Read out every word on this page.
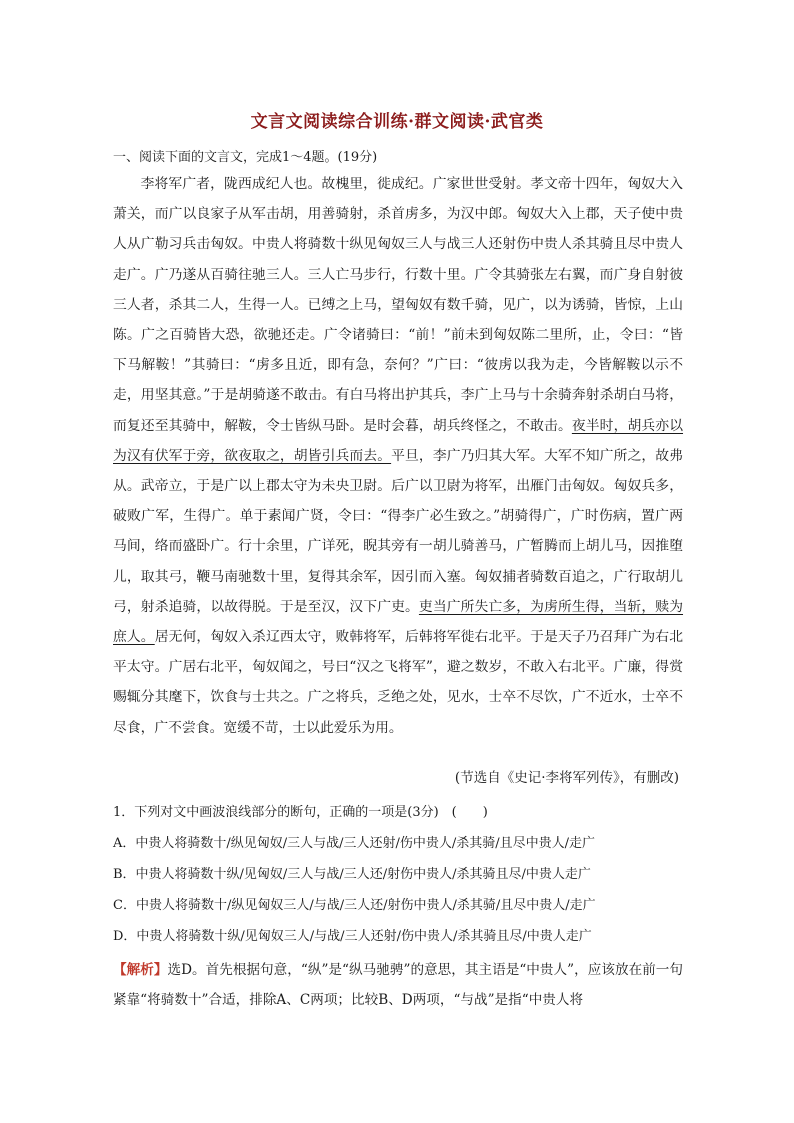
文言文阅读综合训练·群文阅读·武官类
一、阅读下面的文言文，完成1～4题。(19分)

李将军广者，陇西成纪人也。故槐里，徙成纪。广家世世受射。孝文帝十四年，匈奴大入萧关，而广以良家子从军击胡，用善骑射，杀首虏多，为汉中郎。匈奴大入上郡，天子使中贵人从广勒习兵击匈奴。中贵人将骑数十纵见匈奴三人与战三人还射伤中贵人杀其骑且尽中贵人走广。广乃遂从百骑往驰三人。三人亡马步行，行数十里。广令其骑张左右翼，而广身自射彼三人者，杀其二人，生得一人。已缚之上马，望匈奴有数千骑，见广，以为诱骑，皆惊，上山陈。广之百骑皆大恐，欲驰还走。广令诸骑曰：“前！”前未到匈奴陈二里所，止，令曰：“皆下马解鞍！”其骑曰：“虏多且近，即有急，奈何？”广曰：“彼虏以我为走，今皆解鞍以示不走，用坚其意。”于是胡骑遂不敢击。有白马将出护其兵，李广上马与十余骑奔射杀胡白马将，而复还至其骑中，解鞍，令士皆纵马卧。是时会暮，胡兵终怪之，不敢击。夜半时，胡兵亦以为汉有伏军于旁，欲夜取之，胡皆引兵而去。平旦，李广乃归其大军。大军不知广所之，故弗从。武帝立，于是广以上郡太守为未央卫尉。后广以卫尉为将军，出雁门击匈奴。匈奴兵多，破败广军，生得广。单于素闻广贤，令曰：“得李广必生致之。”胡骑得广，广时伤病，置广两马间，络而盛卧广。行十余里，广详死，睨其旁有一胡儿骑善马，广暂腾而上胡儿马，因推堕儿，取其弓，鞭马南驰数十里，复得其余军，因引而入塞。匈奴捕者骑数百追之，广行取胡儿弓，射杀追骑，以故得脱。于是至汉，汉下广吏。吏当广所失亡多，为虏所生得，当斩，赎为庶人。居无何，匈奴入杀辽西太守，败韩将军，后韩将军徙右北平。于是天子乃召拜广为右北平太守。广居右北平，匈奴闻之，号曰“汉之飞将军”，避之数岁，不敢入右北平。广廉，得赏赐辄分其麾下，饮食与士共之。广之将兵，乏绝之处，见水，士卒不尽饮，广不近水，士卒不尽食，广不尝食。宽缓不苛，士以此爱乐为用。

(节选自《史记·李将军列传》，有删改)
1．下列对文中画波浪线部分的断句，正确的一项是(3分)　(　　)
A．中贵人将骑数十/纵见匈奴/三人与战/三人还射/伤中贵人/杀其骑/且尽中贵人/走广
B．中贵人将骑数十纵/见匈奴/三人与战/三人还/射伤中贵人/杀其骑且尽/中贵人走广
C．中贵人将骑数十/纵见匈奴三人/与战/三人还/射伤中贵人/杀其骑/且尽中贵人/走广
D．中贵人将骑数十纵/见匈奴三人/与战/三人还射/伤中贵人/杀其骑且尽/中贵人走广

【解析】选D。首先根据句意，“纵”是“纵马驰骋”的意思，其主语是“中贵人”，应该放在前一句紧靠“将骑数十”合适，排除A、C两项；比较B、D两项，“与战”是指“中贵人将
